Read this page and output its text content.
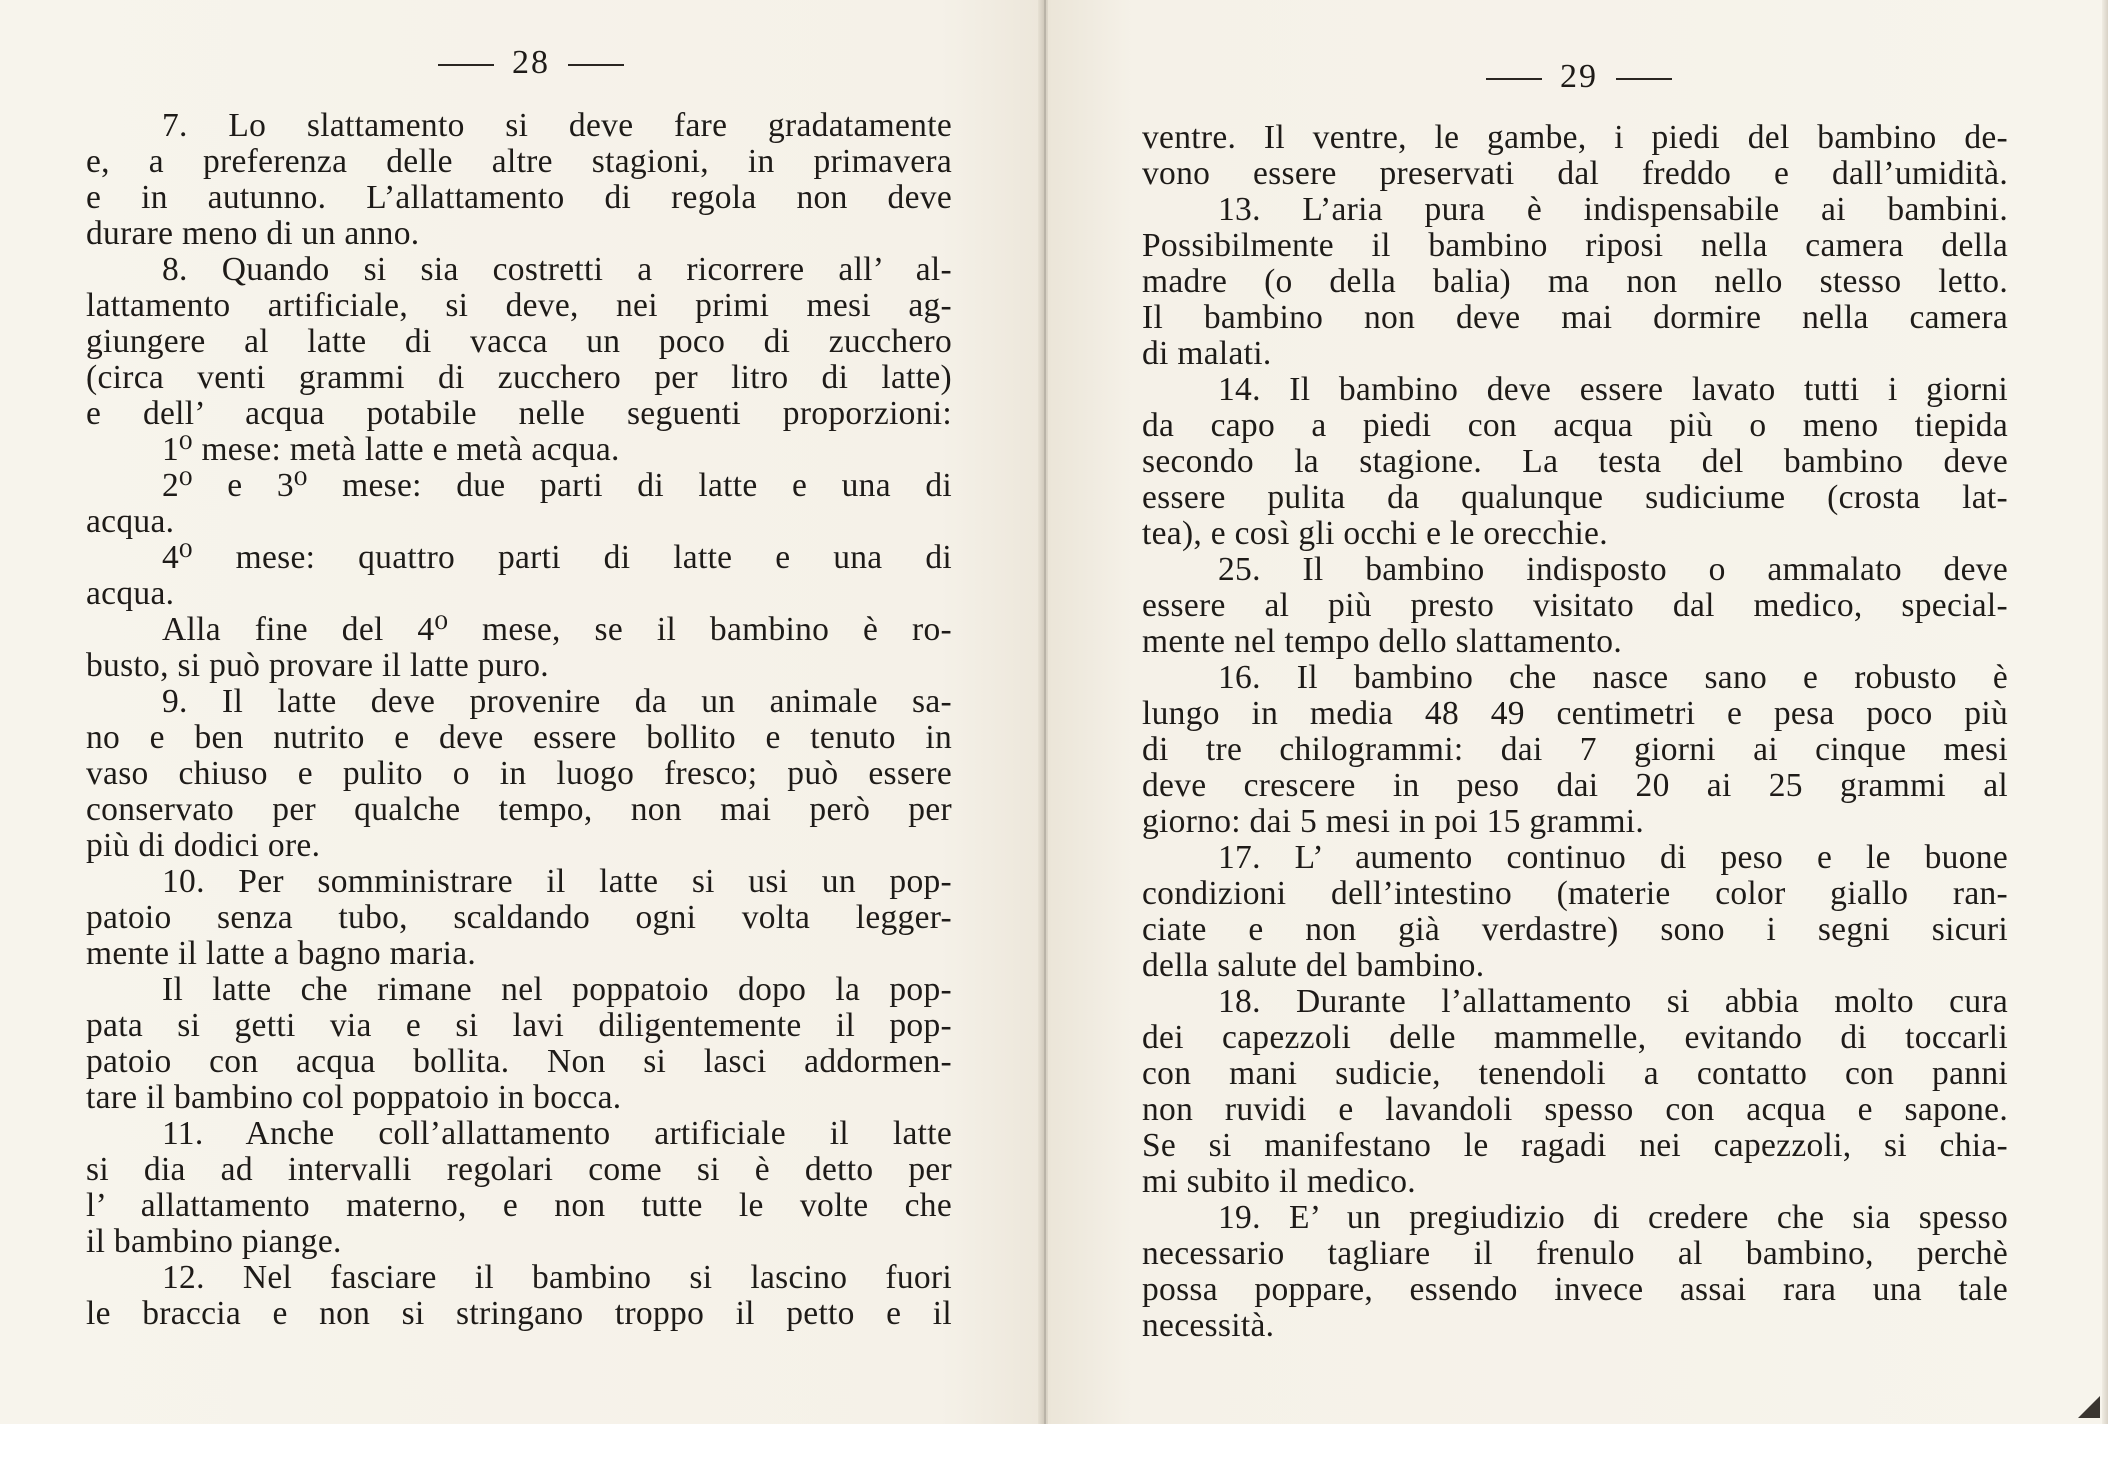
28
7. Lo slattamento si deve fare gradatamente
e, a preferenza delle altre stagioni, in primavera
e in autunno. L’allattamento di regola non deve
durare meno di un anno.
8. Quando si sia costretti a ricorrere all’ al-
lattamento artificiale, si deve, nei primi mesi ag-
giungere al latte di vacca un poco di zucchero
(circa venti grammi di zucchero per litro di latte)
e dell’ acqua potabile nelle seguenti proporzioni:
1⁰ mese: metà latte e metà acqua.
2⁰ e 3⁰ mese: due parti di latte e una di
acqua.
4⁰ mese: quattro parti di latte e una di
acqua.
Alla fine del 4⁰ mese, se il bambino è ro-
busto, si può provare il latte puro.
9. Il latte deve provenire da un animale sa-
no e ben nutrito e deve essere bollito e tenuto in
vaso chiuso e pulito o in luogo fresco; può essere
conservato per qualche tempo, non mai però per
più di dodici ore.
10. Per somministrare il latte si usi un pop-
patoio senza tubo, scaldando ogni volta legger-
mente il latte a bagno maria.
Il latte che rimane nel poppatoio dopo la pop-
pata si getti via e si lavi diligentemente il pop-
patoio con acqua bollita. Non si lasci addormen-
tare il bambino col poppatoio in bocca.
11. Anche coll’allattamento artificiale il latte
si dia ad intervalli regolari come si è detto per
l’ allattamento materno, e non tutte le volte che
il bambino piange.
12. Nel fasciare il bambino si lascino fuori
le braccia e non si stringano troppo il petto e il
29
ventre. Il ventre, le gambe, i piedi del bambino de-
vono essere preservati dal freddo e dall’umidità.
13. L’aria pura è indispensabile ai bambini.
Possibilmente il bambino riposi nella camera della
madre (o della balia) ma non nello stesso letto.
Il bambino non deve mai dormire nella camera
di malati.
14. Il bambino deve essere lavato tutti i giorni
da capo a piedi con acqua più o meno tiepida
secondo la stagione. La testa del bambino deve
essere pulita da qualunque sudiciume (crosta lat-
tea), e così gli occhi e le orecchie.
25. Il bambino indisposto o ammalato deve
essere al più presto visitato dal medico, special-
mente nel tempo dello slattamento.
16. Il bambino che nasce sano e robusto è
lungo in media 48 49 centimetri e pesa poco più
di tre chilogrammi: dai 7 giorni ai cinque mesi
deve crescere in peso dai 20 ai 25 grammi al
giorno: dai 5 mesi in poi 15 grammi.
17. L’ aumento continuo di peso e le buone
condizioni dell’intestino (materie color giallo ran-
ciate e non già verdastre) sono i segni sicuri
della salute del bambino.
18. Durante l’allattamento si abbia molto cura
dei capezzoli delle mammelle, evitando di toccarli
con mani sudicie, tenendoli a contatto con panni
non ruvidi e lavandoli spesso con acqua e sapone.
Se si manifestano le ragadi nei capezzoli, si chia-
mi subito il medico.
19. E’ un pregiudizio di credere che sia spesso
necessario tagliare il frenulo al bambino, perchè
possa poppare, essendo invece assai rara una tale
necessità.
